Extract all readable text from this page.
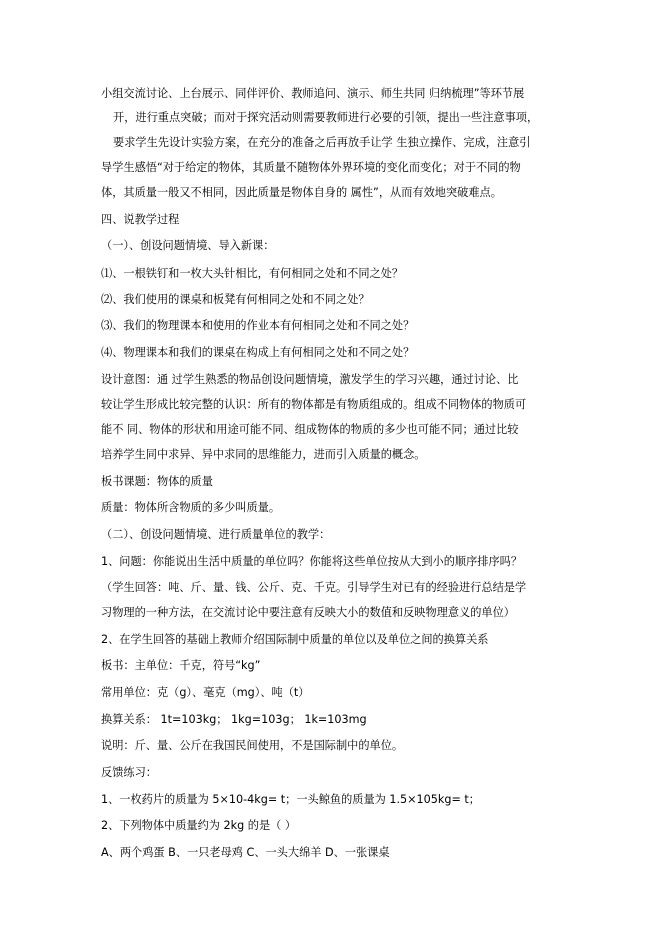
小组交流讨论、上台展示、同伴评价、教师追问、演示、师生共同 归纳梳理”等环节展
开，进行重点突破；而对于探究活动则需要教师进行必要的引领，提出一些注意事项，
要求学生先设计实验方案，在充分的准备之后再放手让学 生独立操作、完成，注意引
导学生感悟“对于给定的物体，其质量不随物体外界环境的变化而变化；对于不同的物
体，其质量一般又不相同，因此质量是物体自身的 属性”，从而有效地突破难点。
四、说教学过程
（一）、创设问题情境、导入新课：
⑴、一根铁钉和一枚大头针相比，有何相同之处和不同之处？
⑵、我们使用的课桌和板凳有何相同之处和不同之处？
⑶、我们的物理课本和使用的作业本有何相同之处和不同之处？
⑷、物理课本和我们的课桌在构成上有何相同之处和不同之处？
设计意图：通 过学生熟悉的物品创设问题情境，激发学生的学习兴趣，通过讨论、比
较让学生形成比较完整的认识：所有的物体都是有物质组成的。组成不同物体的物质可
能不 同、物体的形状和用途可能不同、组成物体的物质的多少也可能不同；通过比较
培养学生同中求异、异中求同的思维能力，进而引入质量的概念。
板书课题：物体的质量
质量：物体所含物质的多少叫质量。
（二）、创设问题情境、进行质量单位的教学：
1、问题：你能说出生活中质量的单位吗？你能将这些单位按从大到小的顺序排序吗？
（学生回答：吨、斤、量、钱、公斤、克、千克。引导学生对已有的经验进行总结是学
习物理的一种方法，在交流讨论中要注意有反映大小的数值和反映物理意义的单位）
2、在学生回答的基础上教师介绍国际制中质量的单位以及单位之间的换算关系
板书：主单位：千克，符号“kg”
常用单位：克（g）、毫克（mg）、吨（t）
换算关系： 1t=103kg； 1kg=103g； 1k=103mg
说明：斤、量、公斤在我国民间使用，不是国际制中的单位。
反馈练习：
1、一枚药片的质量为 5×10-4kg= t；一头鲸鱼的质量为 1.5×105kg= t；
2、下列物体中质量约为 2kg 的是（ ）
A、两个鸡蛋 B、一只老母鸡 C、一头大绵羊 D、一张课桌
